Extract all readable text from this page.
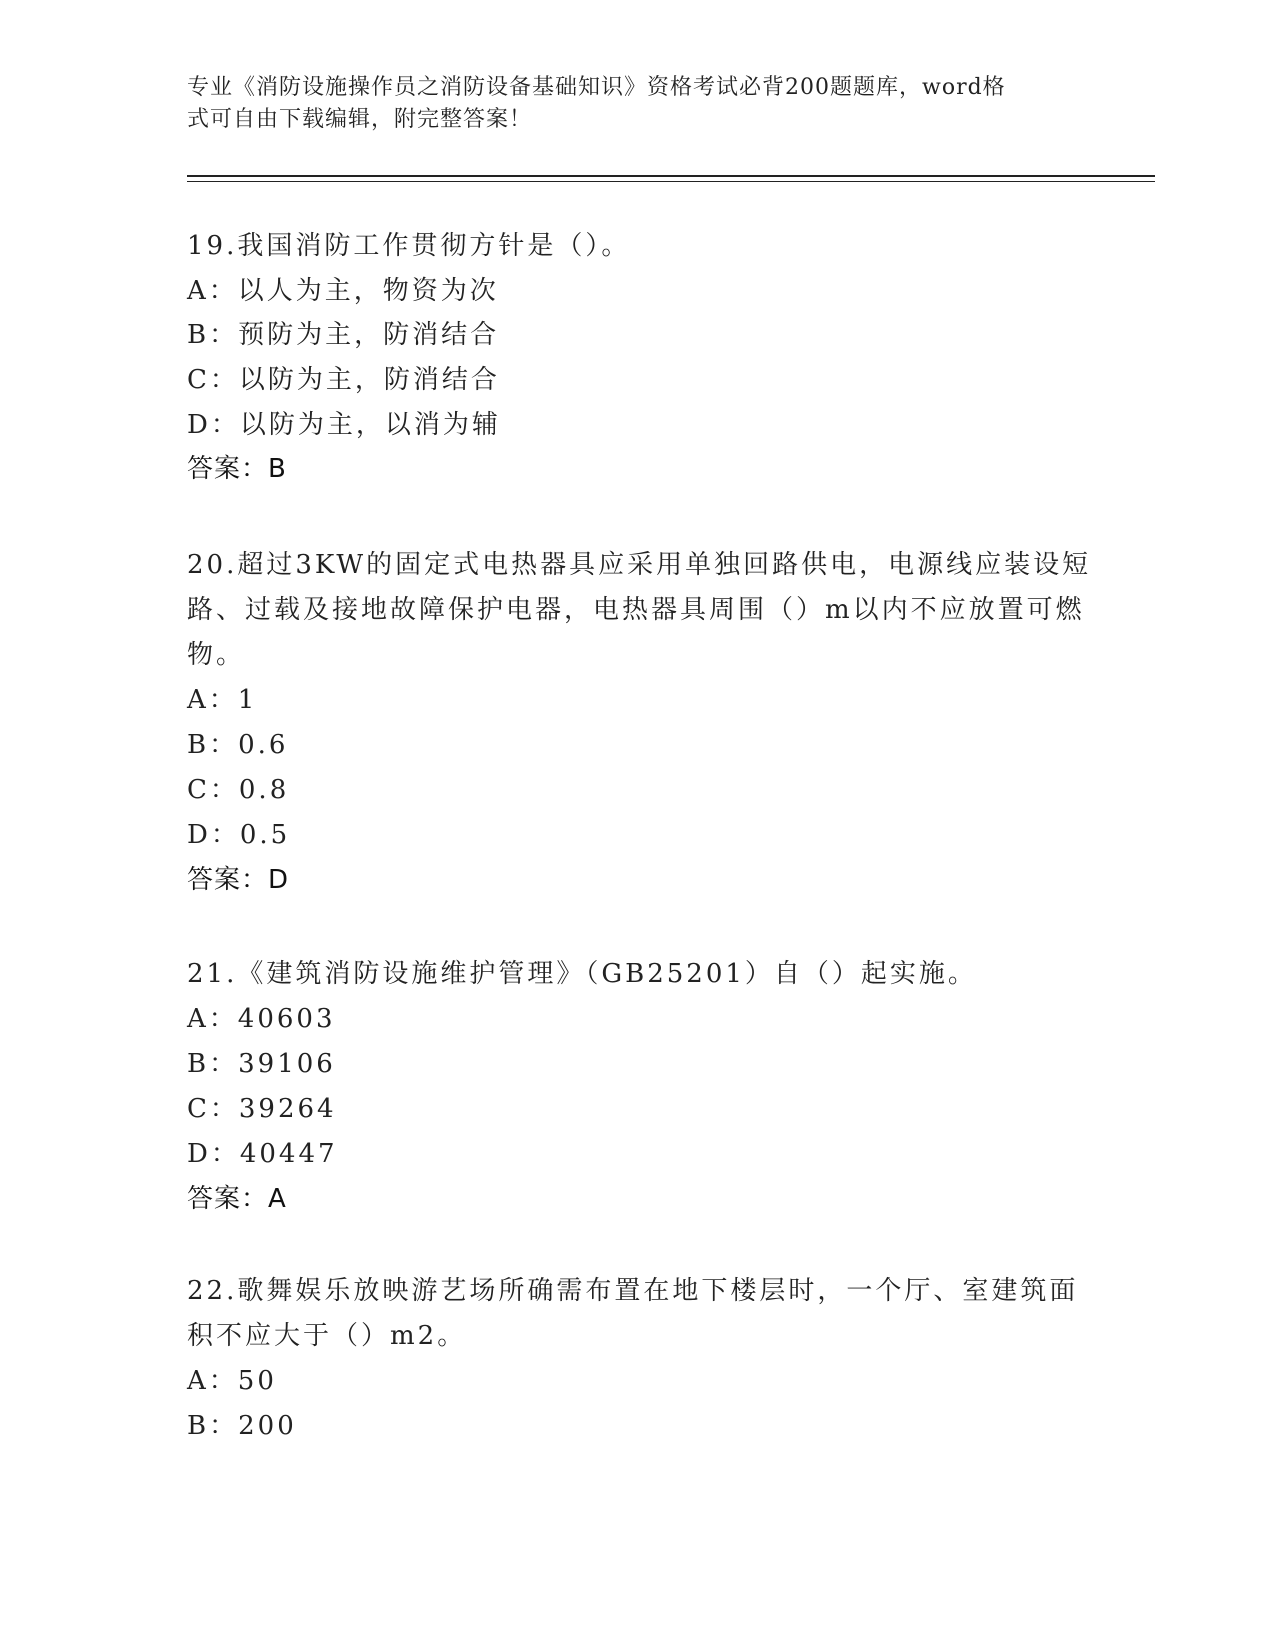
专业《消防设施操作员之消防设备基础知识》资格考试必背200题题库，word格
式可自由下载编辑，附完整答案！
19.我国消防工作贯彻方针是（）。
A：以人为主，物资为次
B：预防为主，防消结合
C：以防为主，防消结合
D：以防为主，以消为辅
答案：B
20.超过3KW的固定式电热器具应采用单独回路供电，电源线应装设短
路、过载及接地故障保护电器，电热器具周围（）m以内不应放置可燃
物。
A：1
B：0.6
C：0.8
D：0.5
答案：D
21.《建筑消防设施维护管理》（GB25201）自（）起实施。
A：40603
B：39106
C：39264
D：40447
答案：A
22.歌舞娱乐放映游艺场所确需布置在地下楼层时，一个厅、室建筑面
积不应大于（）m2。
A：50
B：200
